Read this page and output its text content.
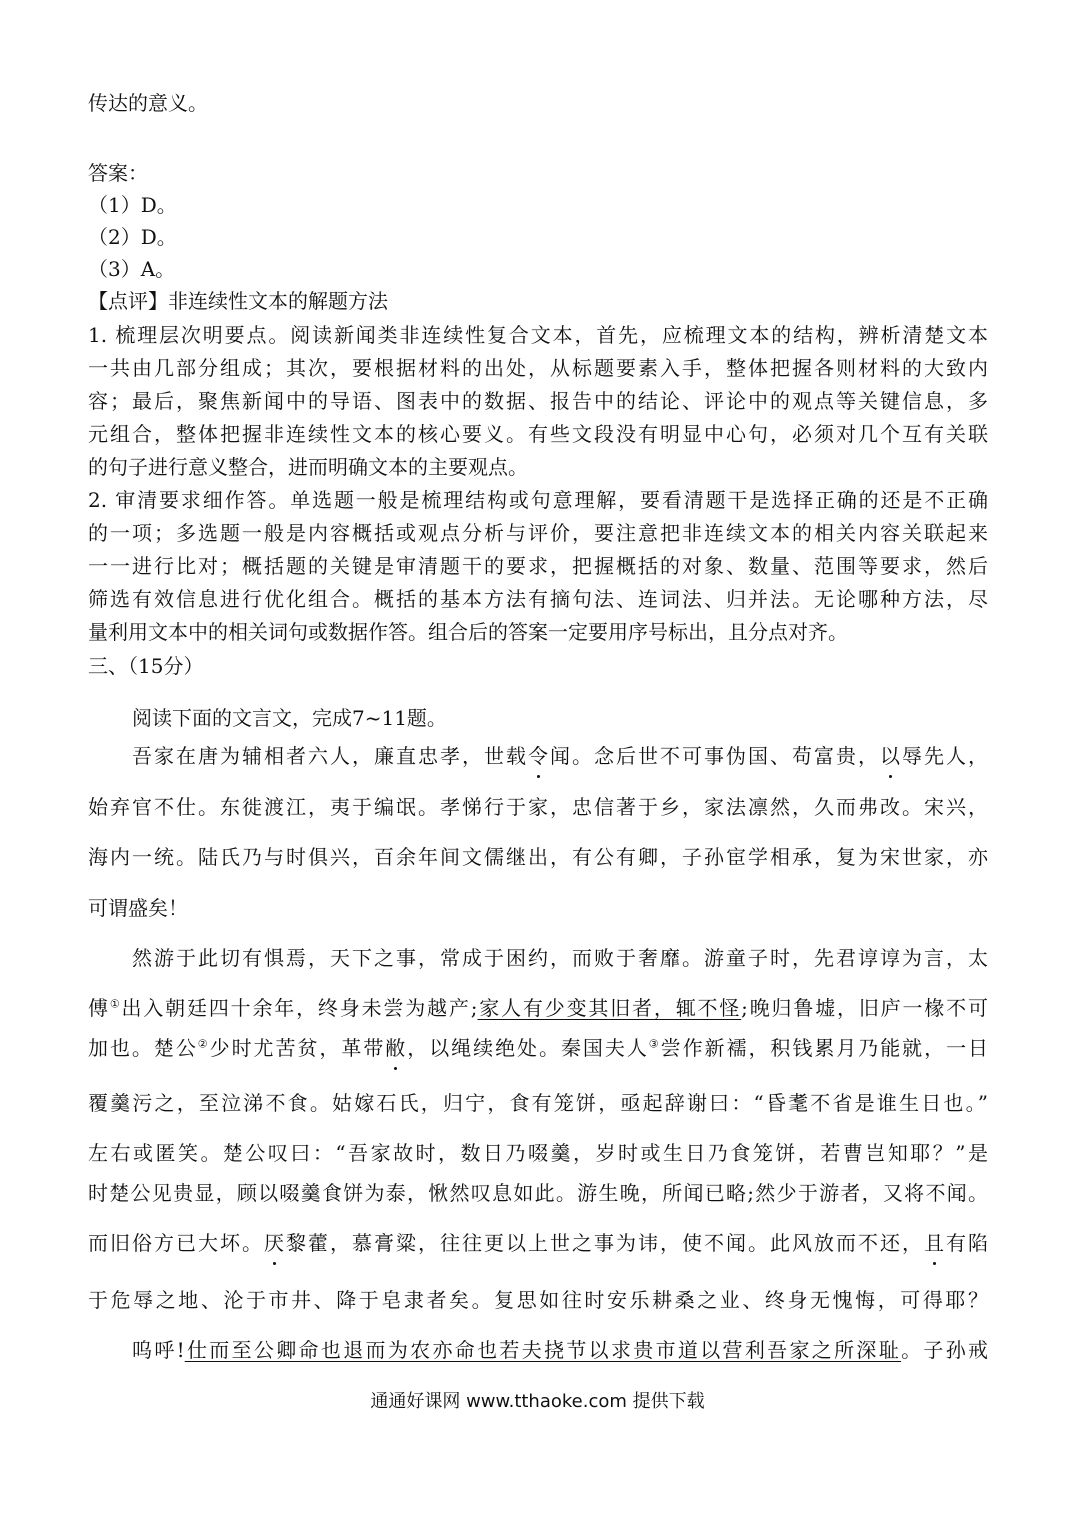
传达的意义。
答案：
（1）D。
（2）D。
（3）A。
【点评】非连续性文本的解题方法
1. 梳理层次明要点。阅读新闻类非连续性复合文本，首先，应梳理文本的结构，辨析清楚文本
一共由几部分组成；其次，要根据材料的出处，从标题要素入手，整体把握各则材料的大致内
容；最后，聚焦新闻中的导语、图表中的数据、报告中的结论、评论中的观点等关键信息，多
元组合，整体把握非连续性文本的核心要义。有些文段没有明显中心句，必须对几个互有关联
的句子进行意义整合，进而明确文本的主要观点。
2. 审清要求细作答。单选题一般是梳理结构或句意理解，要看清题干是选择正确的还是不正确
的一项；多选题一般是内容概括或观点分析与评价，要注意把非连续文本的相关内容关联起来
一一进行比对；概括题的关键是审清题干的要求，把握概括的对象、数量、范围等要求，然后
筛选有效信息进行优化组合。概括的基本方法有摘句法、连词法、归并法。无论哪种方法，尽
量利用文本中的相关词句或数据作答。组合后的答案一定要用序号标出，且分点对齐。
三、（15分）
阅读下面的文言文，完成7~11题。
吾家在唐为辅相者六人，廉直忠孝，世载令闻。念后世不可事伪国、苟富贵，以辱先人，
始弃官不仕。东徙渡江，夷于编氓。孝悌行于家，忠信著于乡，家法凛然，久而弗改。宋兴，
海内一统。陆氏乃与时俱兴，百余年间文儒继出，有公有卿，子孙宦学相承，复为宋世家，亦
可谓盛矣！
然游于此切有惧焉，天下之事，常成于困约，而败于奢靡。游童子时，先君谆谆为言，太
傅①出入朝廷四十余年，终身未尝为越产;家人有少变其旧者，辄不怪;晚归鲁墟，旧庐一椽不可
加也。楚公②少时尤苦贫，革带敝，以绳续绝处。秦国夫人③尝作新襦，积钱累月乃能就，一日
覆羹污之，至泣涕不食。姑嫁石氏，归宁，食有笼饼，亟起辞谢曰：“昏耄不省是谁生日也。”
左右或匿笑。楚公叹曰：“吾家故时，数日乃啜羹，岁时或生日乃食笼饼，若曹岂知耶？”是
时楚公见贵显，顾以啜羹食饼为泰，愀然叹息如此。游生晚，所闻已略;然少于游者，又将不闻。
而旧俗方已大坏。厌黎藿，慕膏粱，往往更以上世之事为讳，使不闻。此风放而不还，且有陷
于危辱之地、沦于市井、降于皂隶者矣。复思如往时安乐耕桑之业、终身无愧悔，可得耶？
呜呼!仕而至公卿命也退而为农亦命也若夫挠节以求贵市道以营利吾家之所深耻。子孙戒
通通好课网 www.tthaoke.com 提供下载
